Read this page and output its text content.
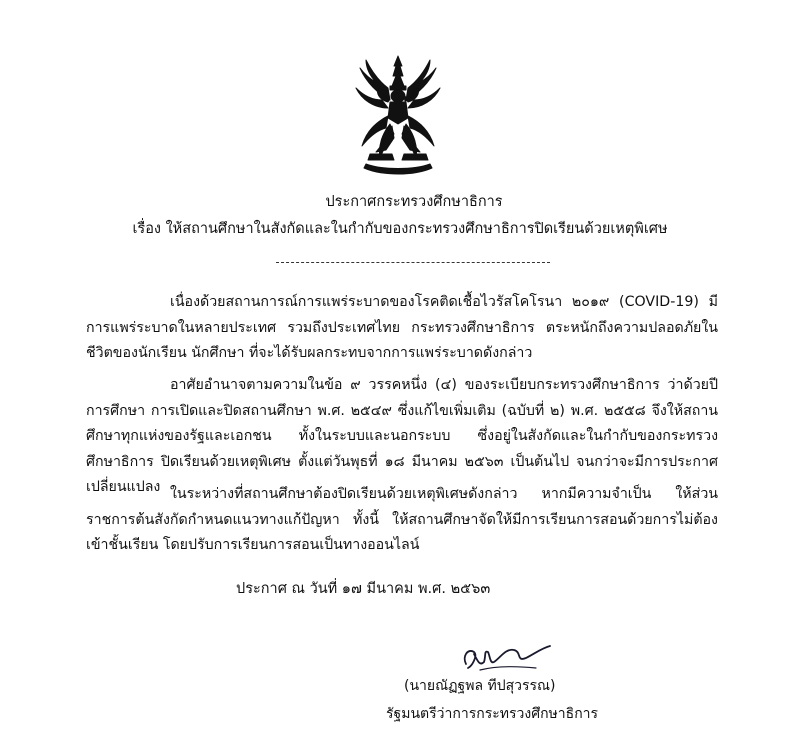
ประกาศกระทรวงศึกษาธิการ
เรื่อง ให้สถานศึกษาในสังกัดและในกำกับของกระทรวงศึกษาธิการปิดเรียนด้วยเหตุพิเศษ
เนื่องด้วยสถานการณ์การแพร่ระบาดของโรคติดเชื้อไวรัสโคโรนา ๒๐๑๙ (COVID-19) มีการแพร่ระบาดในหลายประเทศ รวมถึงประเทศไทย กระทรวงศึกษาธิการ ตระหนักถึงความปลอดภัยในชีวิตของนักเรียน นักศึกษา ที่จะได้รับผลกระทบจากการแพร่ระบาดดังกล่าว
อาศัยอำนาจตามความในข้อ ๙ วรรคหนึ่ง (๔) ของระเบียบกระทรวงศึกษาธิการ ว่าด้วยปีการศึกษา การเปิดและปิดสถานศึกษา พ.ศ. ๒๕๔๙ ซึ่งแก้ไขเพิ่มเติม (ฉบับที่ ๒) พ.ศ. ๒๕๕๘ จึงให้สถานศึกษาทุกแห่งของรัฐและเอกชน ทั้งในระบบและนอกระบบ ซึ่งอยู่ในสังกัดและในกำกับของกระทรวงศึกษาธิการ ปิดเรียนด้วยเหตุพิเศษ ตั้งแต่วันพุธที่ ๑๘ มีนาคม ๒๕๖๓ เป็นต้นไป จนกว่าจะมีการประกาศเปลี่ยนแปลง ในระหว่างที่สถานศึกษาต้องปิดเรียนด้วยเหตุพิเศษดังกล่าว หากมีความจำเป็น ให้ส่วนราชการต้นสังกัดกำหนดแนวทางแก้ปัญหา ทั้งนี้ ให้สถานศึกษาจัดให้มีการเรียนการสอนด้วยการไม่ต้องเข้าชั้นเรียน โดยปรับการเรียนการสอนเป็นทางออนไลน์
ประกาศ ณ วันที่ ๑๗ มีนาคม พ.ศ. ๒๕๖๓
(นายณัฏฐพล ทีปสุวรรณ)
รัฐมนตรีว่าการกระทรวงศึกษาธิการ
